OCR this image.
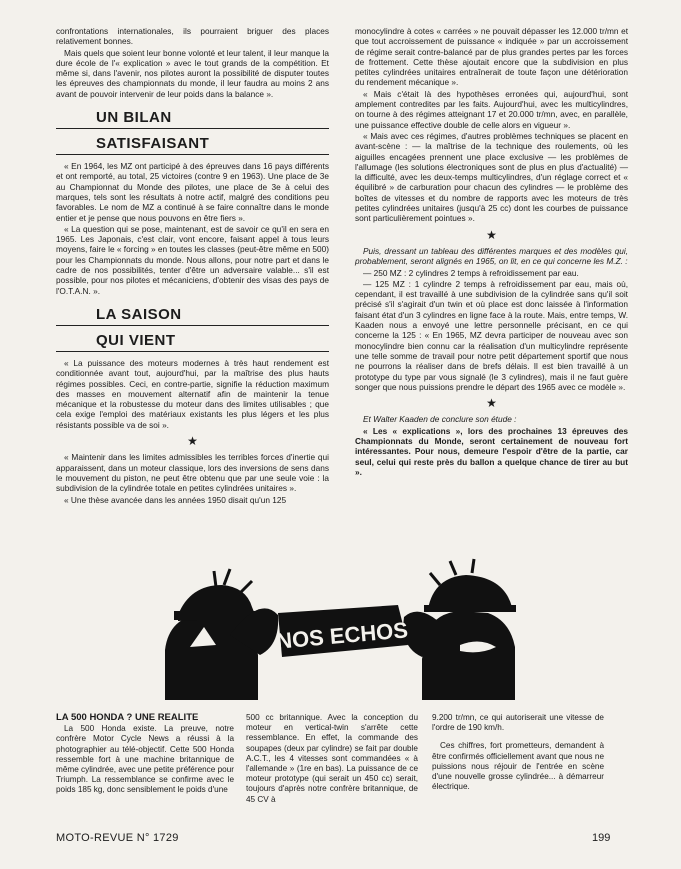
confrontations internationales, ils pourraient briguer des places relativement bonnes.

Mais quels que soient leur bonne volonté et leur talent, il leur manque la dure école de l'« explication » avec le tout grands de la compétition. Et même si, dans l'avenir, nos pilotes auront la possibilité de disputer toutes les épreuves des championnats du monde, il leur faudra au moins 2 ans avant de pouvoir intervenir de leur poids dans la balance ».

UN BILAN
SATISFAISANT

« En 1964, les MZ ont participé à des épreuves dans 16 pays différents et ont remporté, au total, 25 victoires (contre 9 en 1963). Une place de 3e au Championnat du Monde des pilotes, une place de 3e à celui des marques, tels sont les résultats à notre actif, malgré des conditions peu favorables. Le nom de MZ a continué à se faire connaître dans le monde entier et je pense que nous pouvons en être fiers ».

« La question qui se pose, maintenant, est de savoir ce qu'il en sera en 1965. Les Japonais, c'est clair, vont encore, faisant appel à tous leurs moyens, faire le « forcing » en toutes les classes (peut-être même en 500) pour les Championnats du monde. Nous allons, pour notre part et dans le cadre de nos possibilités, tenter d'être un adversaire valable... s'il est possible, pour nos pilotes et mécaniciens, d'obtenir des visas des pays de l'O.T.A.N. ».

LA SAISON
QUI VIENT

« La puissance des moteurs modernes à très haut rendement est conditionnée avant tout, aujourd'hui, par la maîtrise des plus hauts régimes possibles. Ceci, en contre-partie, signifie la réduction maximum des masses en mouvement alternatif afin de maintenir la tenue mécanique et la robustesse du moteur dans des limites utilisables ; que cela exige l'emploi des matériaux existants les plus légers et les plus résistants possible va de soi ».

★

« Maintenir dans les limites admissibles les terribles forces d'inertie qui apparaissent, dans un moteur classique, lors des inversions de sens dans le mouvement du piston, ne peut être obtenu que par une seule voie : la subdivision de la cylindrée totale en petites cylindrées unitaires ».

« Une thèse avancée dans les années 1950 disait qu'un 125

monocylindre à cotes « carrées » ne pouvait dépasser les 12.000 tr/mn et que tout accroissement de puissance « indiquée » par un accroissement de régime serait contre-balancé par de plus grandes pertes par les forces de frottement. Cette thèse ajoutait encore que la subdivision en plus petites cylindrées unitaires entraînerait de toute façon une détérioration du rendement mécanique ».

« Mais c'était là des hypothèses erronées qui, aujourd'hui, sont amplement contredites par les faits. Aujourd'hui, avec les multicylindres, on tourne à des régimes atteignant 17 et 20.000 tr/mn, avec, en parallèle, une puissance effective double de celle alors en vigueur ».

« Mais avec ces régimes, d'autres problèmes techniques se placent en avant-scène : — la maîtrise de la technique des roulements, où les aiguilles encagées prennent une place exclusive — les problèmes de l'allumage (les solutions électroniques sont de plus en plus d'actualité) — la difficulté, avec les deux-temps multicylindres, d'un réglage correct et « équilibré » de carburation pour chacun des cylindres — le problème des boîtes de vitesses et du nombre de rapports avec les moteurs de très petites cylindrées unitaires (jusqu'à 25 cc) dont les courbes de puissance sont particulièrement pointues ».

★

Puis, dressant un tableau des différentes marques et des modèles qui, probablement, seront alignés en 1965, on lit, en ce qui concerne les M.Z. :

— 250 MZ : 2 cylindres 2 temps à refroidissement par eau.

— 125 MZ : 1 cylindre 2 temps à refroidissement par eau, mais où, cependant, il est travaillé à une subdivision de la cylindrée sans qu'il soit précisé s'il s'agirait d'un twin et où place est donc laissée à l'information faisant état d'un 3 cylindres en ligne face à la route. Mais, entre temps, W. Kaaden nous a envoyé une lettre personnelle précisant, en ce qui concerne la 125 : « En 1965, MZ devra participer de nouveau avec son monocylindre bien connu car la réalisation d'un multicylindre représente une telle somme de travail pour notre petit département sportif que nous ne pourrons la réaliser dans de brefs délais. Il est bien travaillé à un prototype du type par vous signalé (le 3 cylindres), mais il ne faut guère songer que nous puissions prendre le départ des 1965 avec ce modèle ».

★

Et Walter Kaaden de conclure son étude :

« Les « explications », lors des prochaines 13 épreuves des Championnats du Monde, seront certainement de nouveau fort intéressantes. Pour nous, demeure l'espoir d'être de la partie, car seul, celui qui reste près du ballon a quelque chance de tirer au but ».

NOS ECHOS
LA 500 HONDA ? UNE REALITE

La 500 Honda existe. La preuve, notre confrère Motor Cycle News a réussi à la photographier au télé-objectif. Cette 500 Honda ressemble fort à une machine britannique de même cylindrée, avec une petite préférence pour Triumph. La ressemblance se confirme avec le poids 185 kg, donc sensiblement le poids d'une

500 cc britannique. Avec la conception du moteur en vertical-twin s'arrête cette ressemblance. En effet, la commande des soupapes (deux par cylindre) se fait par double A.C.T., les 4 vitesses sont commandées « à l'allemande » (1re en bas). La puissance de ce moteur prototype (qui serait un 450 cc) serait, toujours d'après notre confrère britannique, de 45 CV à

9.200 tr/mn, ce qui autoriserait une vitesse de l'ordre de 190 km/h.

Ces chiffres, fort prometteurs, demandent à être confirmés officiellement avant que nous ne puissions nous réjouir de l'entrée en scène d'une nouvelle grosse cylindrée... à démarreur électrique.

MOTO-REVUE N° 1729	199
